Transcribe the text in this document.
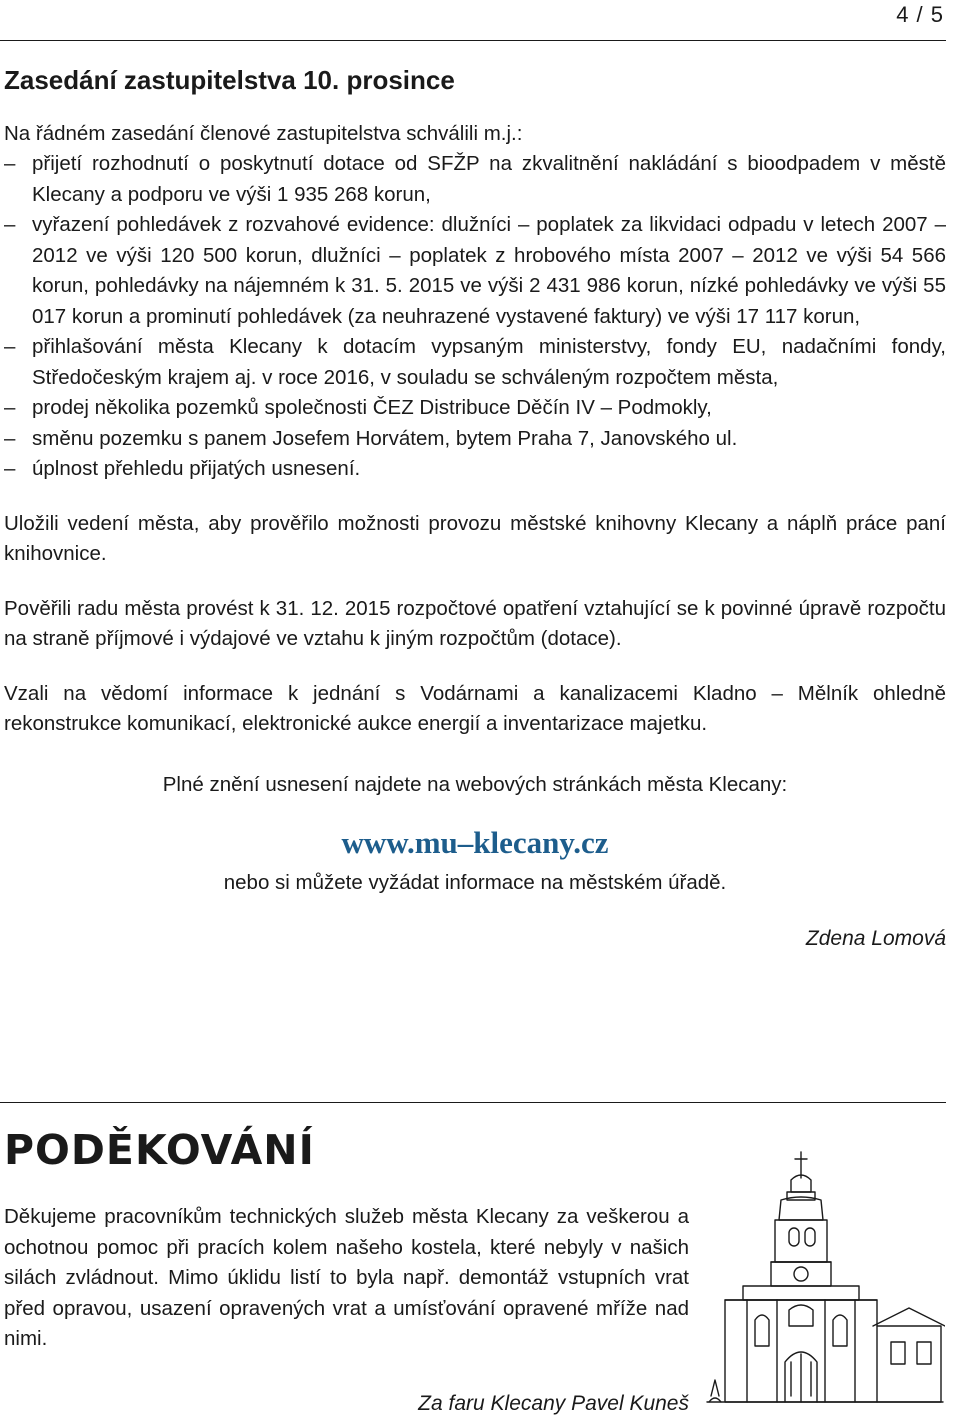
4 / 5
Zasedání zastupitelstva 10. prosince

Na řádném zasedání členové zastupitelstva schválili m.j.:

– přijetí rozhodnutí o poskytnutí dotace od SFŽP na zkvalitnění nakládání s bioodpadem v městě Klecany a podporu ve výši 1 935 268 korun,
– vyřazení pohledávek z rozvahové evidence: dlužníci – poplatek za likvidaci odpadu v letech 2007 – 2012 ve výši 120 500 korun, dlužníci – poplatek z hrobového místa 2007 – 2012 ve výši 54 566 korun, pohledávky na nájemném k 31. 5. 2015 ve výši 2 431 986 korun, nízké pohledávky ve výši 55 017 korun a prominutí pohledávek (za neuhrazené vystavené faktury) ve výši 17 117 korun,
– přihlašování města Klecany k dotacím vypsaným ministerstvy, fondy EU, nadačními fondy, Středočeským krajem aj. v roce 2016, v souladu se schváleným rozpočtem města,
– prodej několika pozemků společnosti ČEZ Distribuce Děčín IV – Podmokly,
– směnu pozemku s panem Josefem Horvátem, bytem Praha 7, Janovského ul.
– úplnost přehledu přijatých usnesení.

Uložili vedení města, aby prověřilo možnosti provozu městské knihovny Klecany a náplň práce paní knihovnice.

Pověřili radu města provést k 31. 12. 2015 rozpočtové opatření vztahující se k povinné úpravě rozpočtu na straně příjmové i výdajové ve vztahu k jiným rozpočtům (dotace).

Vzali na vědomí informace k jednání s Vodárnami a kanalizacemi Kladno – Mělník ohledně rekonstrukce komunikací, elektronické aukce energií a inventarizace majetku.

Plné znění usnesení najdete na webových stránkách města Klecany:
www.mu–klecany.cz
nebo si můžete vyžádat informace na městském úřadě.
Zdena Lomová
PODĚKOVÁNÍ

Děkujeme pracovníkům technických služeb města Klecany za veškerou a ochotnou pomoc při pracích kolem našeho kostela, které nebyly v našich silách zvládnout. Mimo úklidu listí to byla např. demontáž vstupních vrat před opravou, usazení opravených vrat a umísťování opravené mříže nad nimi.

Za faru Klecany Pavel Kuneš
